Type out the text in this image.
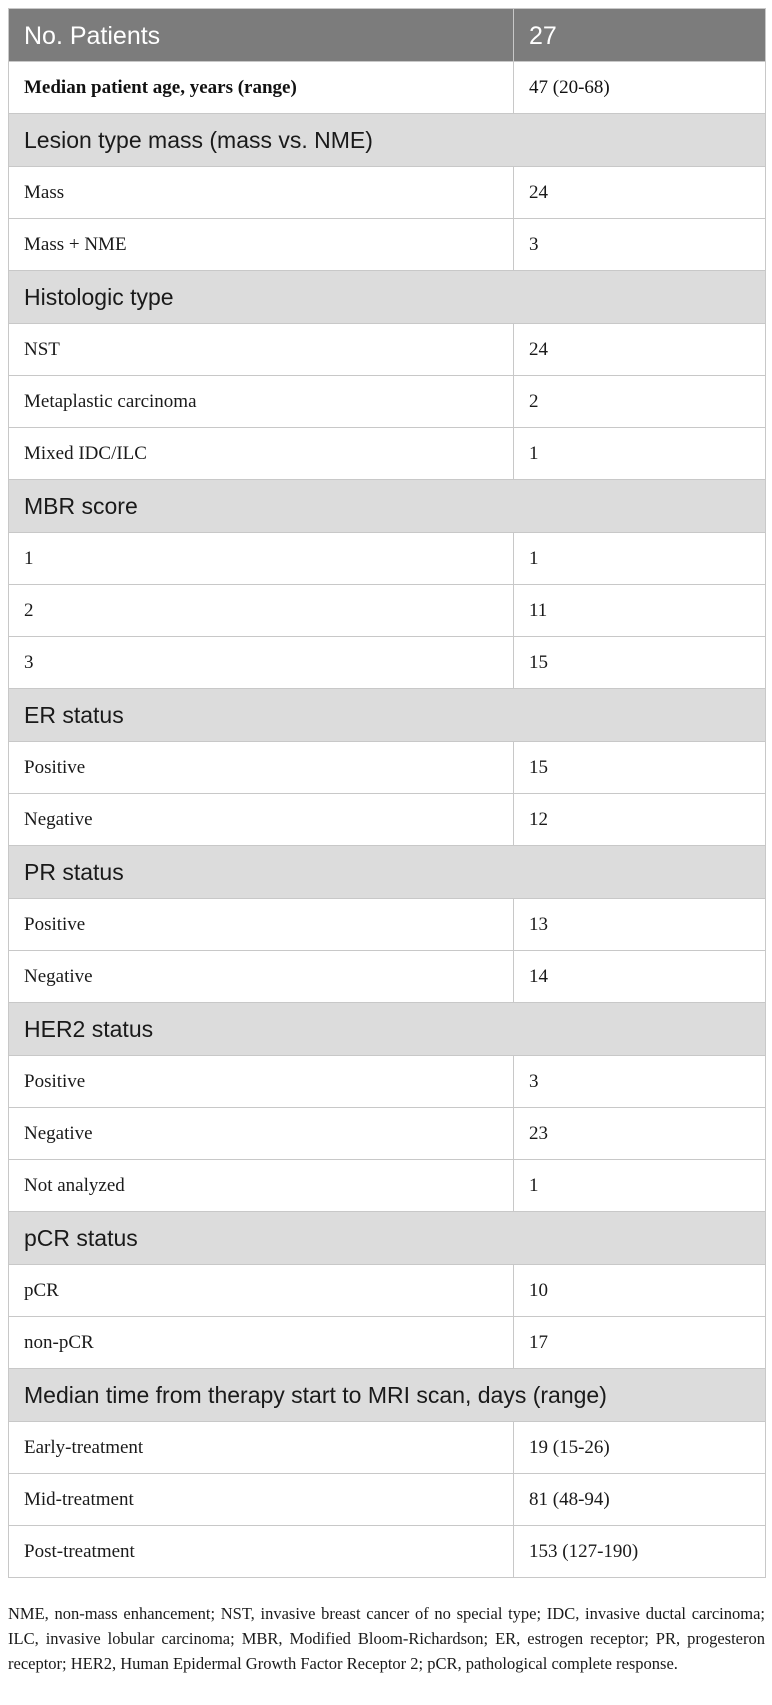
No. Patients	27
Median patient age, years (range)	47 (20-68)
Lesion type mass (mass vs. NME)	
Mass	24
Mass + NME	3
Histologic type	
NST	24
Metaplastic carcinoma	2
Mixed IDC/ILC	1
MBR score	
1	1
2	11
3	15
ER status	
Positive	15
Negative	12
PR status	
Positive	13
Negative	14
HER2 status	
Positive	3
Negative	23
Not analyzed	1
pCR status	
pCR	10
non-pCR	17
Median time from therapy start to MRI scan, days (range)	
Early-treatment	19 (15-26)
Mid-treatment	81 (48-94)
Post-treatment	153 (127-190)

NME, non-mass enhancement; NST, invasive breast cancer of no special type; IDC, invasive ductal carcinoma; ILC, invasive lobular carcinoma; MBR, Modified Bloom-Richardson; ER, estrogen receptor; PR, progesteron receptor; HER2, Human Epidermal Growth Factor Receptor 2; pCR, pathological complete response.
